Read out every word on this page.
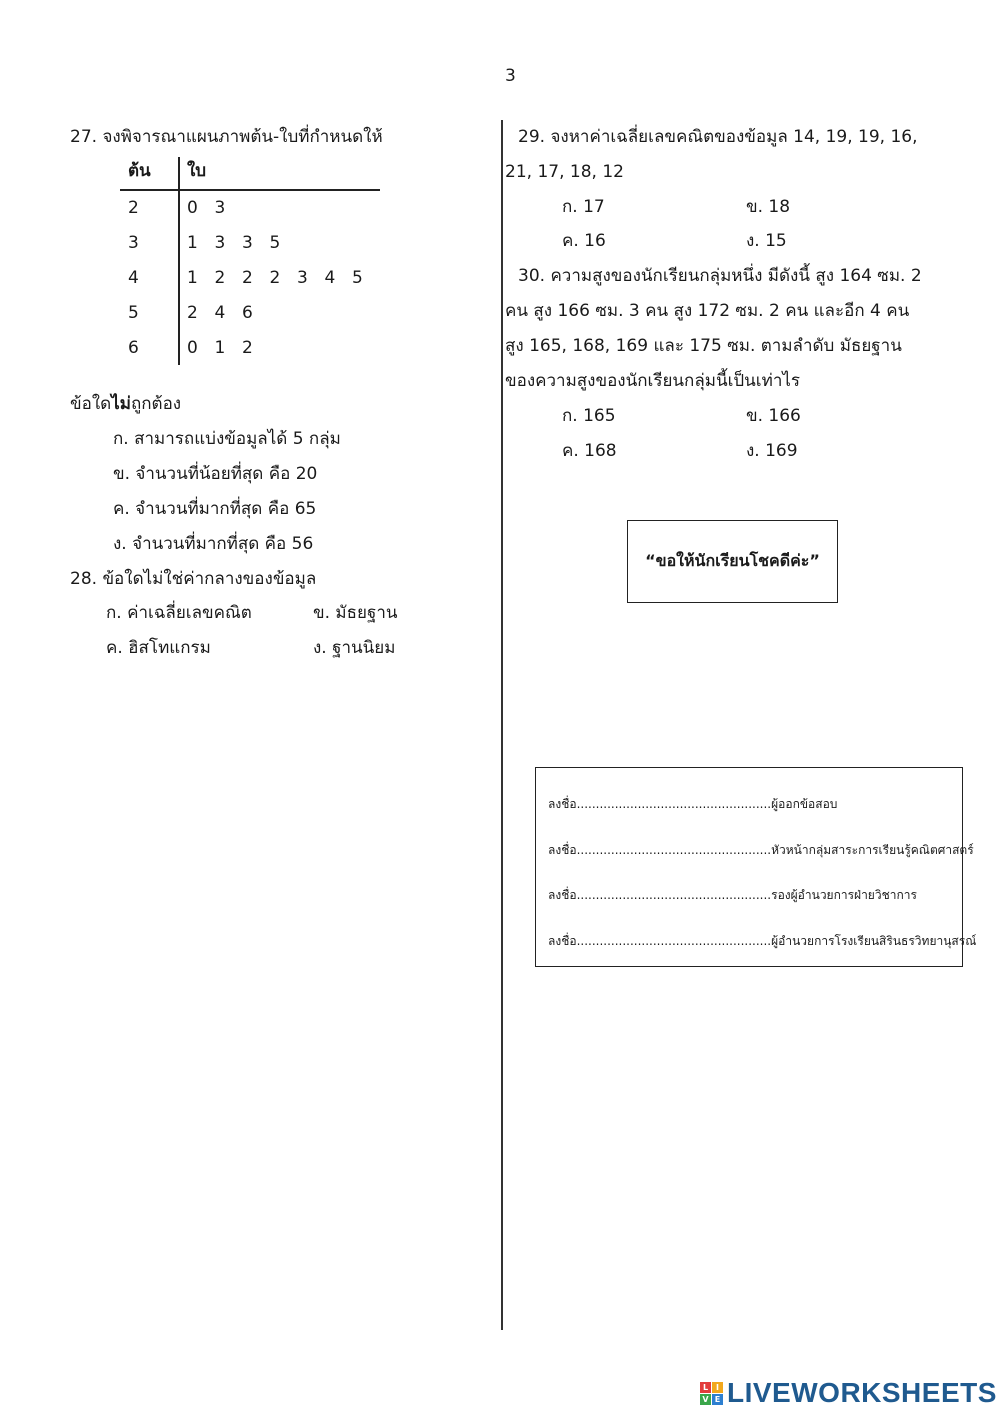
3
27. จงพิจารณาแผนภาพต้น-ใบที่กำหนดให้
ต้น ใบ
2	0 3
3	1 3 3 5
4	1 2 2 2 3 4 5
5	2 4 6
6	0 1 2
ข้อใดไม่ถูกต้อง
ก. สามารถแบ่งข้อมูลได้ 5 กลุ่ม
ข. จำนวนที่น้อยที่สุด คือ 20
ค. จำนวนที่มากที่สุด คือ 65
ง. จำนวนที่มากที่สุด คือ 56
28. ข้อใดไม่ใช่ค่ากลางของข้อมูล
ก. ค่าเฉลี่ยเลขคณิต	ข. มัธยฐาน
ค. ฮิสโทแกรม	ง. ฐานนิยม
29. จงหาค่าเฉลี่ยเลขคณิตของข้อมูล 14, 19, 19, 16,
21, 17, 18, 12
ก. 17	ข. 18
ค. 16	ง. 15
30. ความสูงของนักเรียนกลุ่มหนึ่ง มีดังนี้ สูง 164 ซม. 2
คน สูง 166 ซม. 3 คน สูง 172 ซม. 2 คน และอีก 4 คน
สูง 165, 168, 169 และ 175 ซม. ตามลำดับ มัธยฐาน
ของความสูงของนักเรียนกลุ่มนี้เป็นเท่าไร
ก. 165	ข. 166
ค. 168	ง. 169
“ขอให้นักเรียนโชคดีค่ะ”
ลงชื่อ...................................................ผู้ออกข้อสอบ
ลงชื่อ...................................................หัวหน้ากลุ่มสาระการเรียนรู้คณิตศาสตร์
ลงชื่อ...................................................รองผู้อำนวยการฝ่ายวิชาการ
ลงชื่อ...................................................ผู้อำนวยการโรงเรียนสิรินธรวิทยานุสรณ์
L I
V E LIVEWORKSHEETS
